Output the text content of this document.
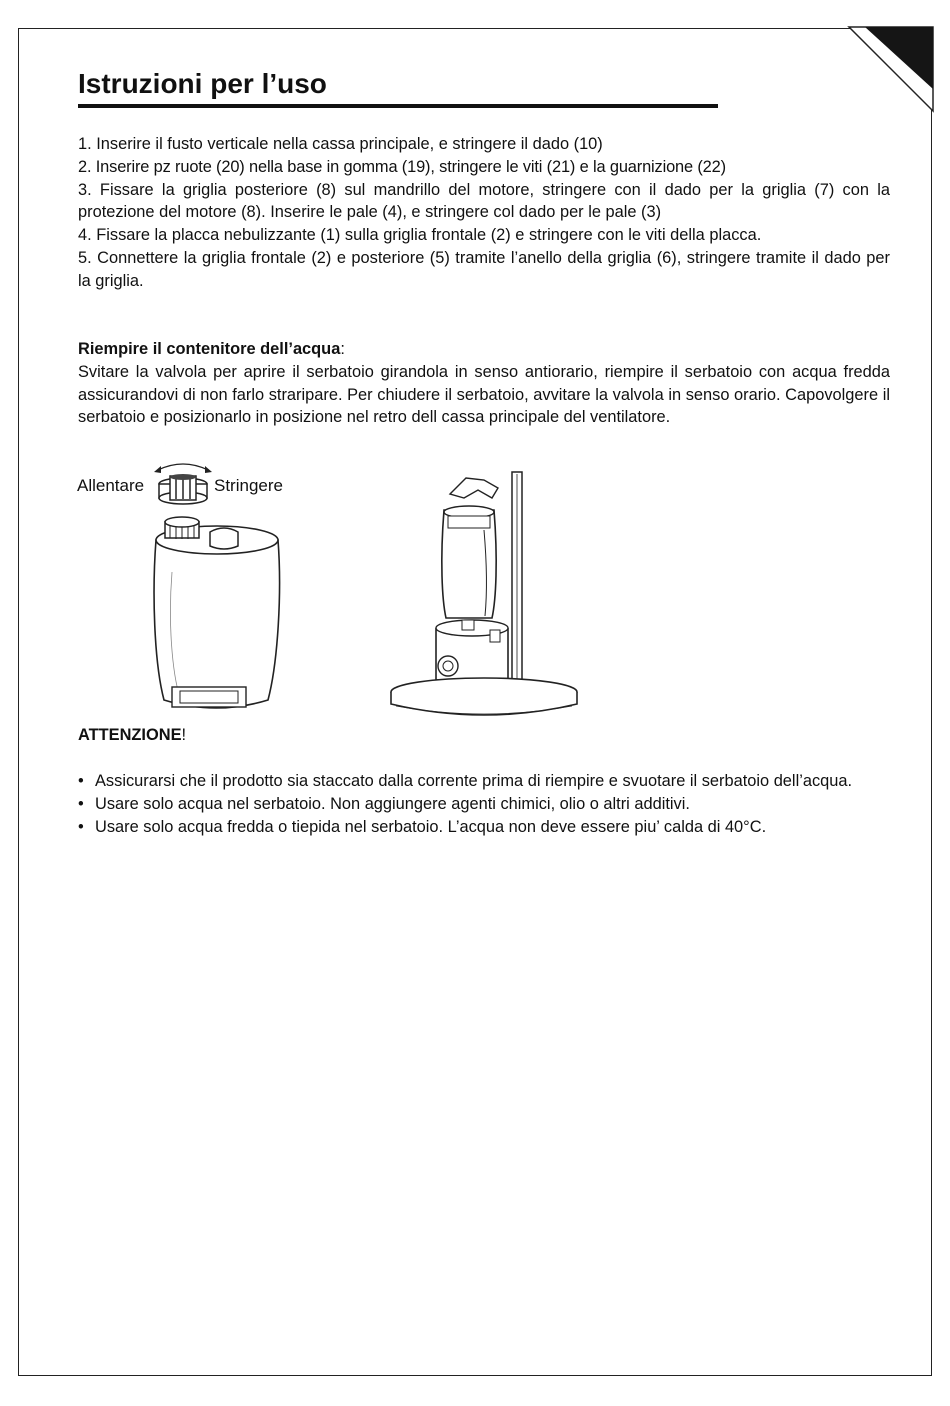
Istruzioni per l’uso

1. Inserire il fusto verticale nella cassa principale, e stringere il dado (10)

2. Inserire pz ruote (20) nella base in gomma (19), stringere le viti (21) e la guarnizione (22)

3. Fissare la griglia posteriore (8) sul mandrillo del motore, stringere con il dado per la griglia (7) con la protezione del motore (8). Inserire le pale (4), e stringere col dado per le pale (3)

4. Fissare la placca nebulizzante (1) sulla griglia frontale (2) e stringere con le viti della placca.

5. Connettere la griglia frontale (2) e posteriore (5) tramite l’anello della griglia (6), stringere tramite il dado per la griglia.

Riempire il contenitore dell’acqua:

Svitare la valvola per aprire il serbatoio girandola in senso antiorario, riempire il serbatoio con acqua fredda assicurandovi di non farlo straripare. Per chiudere il serbatoio, avvitare la valvola in senso orario. Capovolgere il serbatoio e posizionarlo in posizione nel retro dell cassa principale del ventilatore.

Allentare	Stringere
ATTENZIONE!
• Assicurarsi che il prodotto sia staccato dalla corrente prima di riempire e svuotare il serbatoio dell’acqua.
• Usare solo acqua nel serbatoio. Non aggiungere agenti chimici, olio o altri additivi.
• Usare solo acqua fredda o tiepida nel serbatoio. L’acqua non deve essere piu’ calda di 40°C.
